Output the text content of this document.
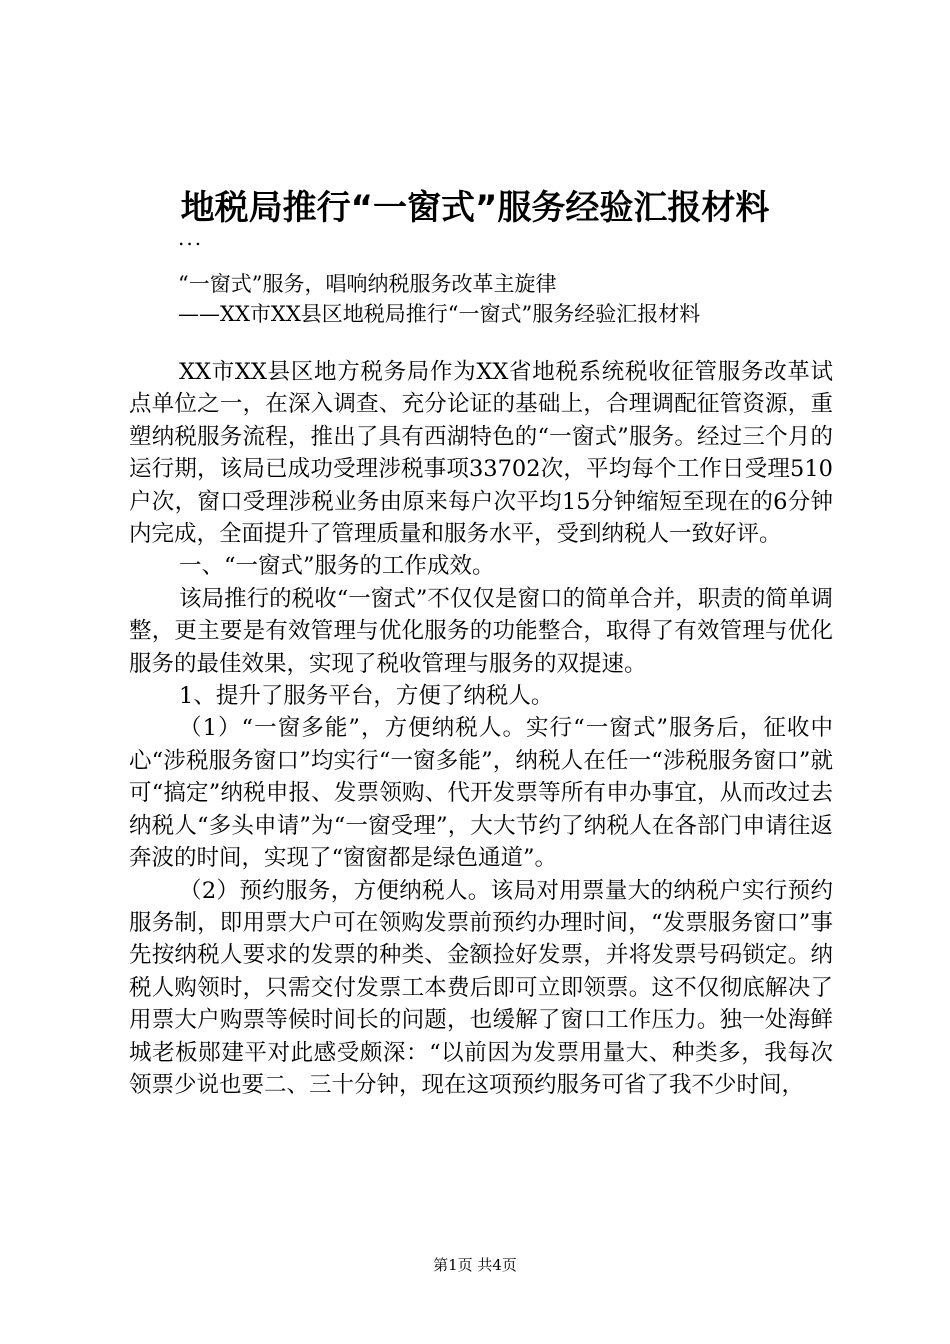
地税局推行“一窗式”服务经验汇报材料
...
“一窗式”服务，唱响纳税服务改革主旋律
——XX市XX县区地税局推行“一窗式”服务经验汇报材料

XX市XX县区地方税务局作为XX省地税系统税收征管服务改革试点单位之一，在深入调查、充分论证的基础上，合理调配征管资源，重塑纳税服务流程，推出了具有西湖特色的“一窗式”服务。经过三个月的运行期，该局已成功受理涉税事项33702次，平均每个工作日受理510户次，窗口受理涉税业务由原来每户次平均15分钟缩短至现在的6分钟内完成，全面提升了管理质量和服务水平，受到纳税人一致好评。

一、“一窗式”服务的工作成效。

该局推行的税收“一窗式”不仅仅是窗口的简单合并，职责的简单调整，更主要是有效管理与优化服务的功能整合，取得了有效管理与优化服务的最佳效果，实现了税收管理与服务的双提速。

1、提升了服务平台，方便了纳税人。

（1）“一窗多能”，方便纳税人。实行“一窗式”服务后，征收中心“涉税服务窗口”均实行“一窗多能”，纳税人在任一“涉税服务窗口”就可“搞定”纳税申报、发票领购、代开发票等所有申办事宜，从而改过去纳税人“多头申请”为“一窗受理”，大大节约了纳税人在各部门申请往返奔波的时间，实现了“窗窗都是绿色通道”。

（2）预约服务，方便纳税人。该局对用票量大的纳税户实行预约服务制，即用票大户可在领购发票前预约办理时间，“发票服务窗口”事先按纳税人要求的发票的种类、金额捡好发票，并将发票号码锁定。纳税人购领时，只需交付发票工本费后即可立即领票。这不仅彻底解决了用票大户购票等候时间长的问题，也缓解了窗口工作压力。独一处海鲜城老板郧建平对此感受颇深：“以前因为发票用量大、种类多，我每次领票少说也要二、三十分钟，现在这项预约服务可省了我不少时间，

第1页 共4页
